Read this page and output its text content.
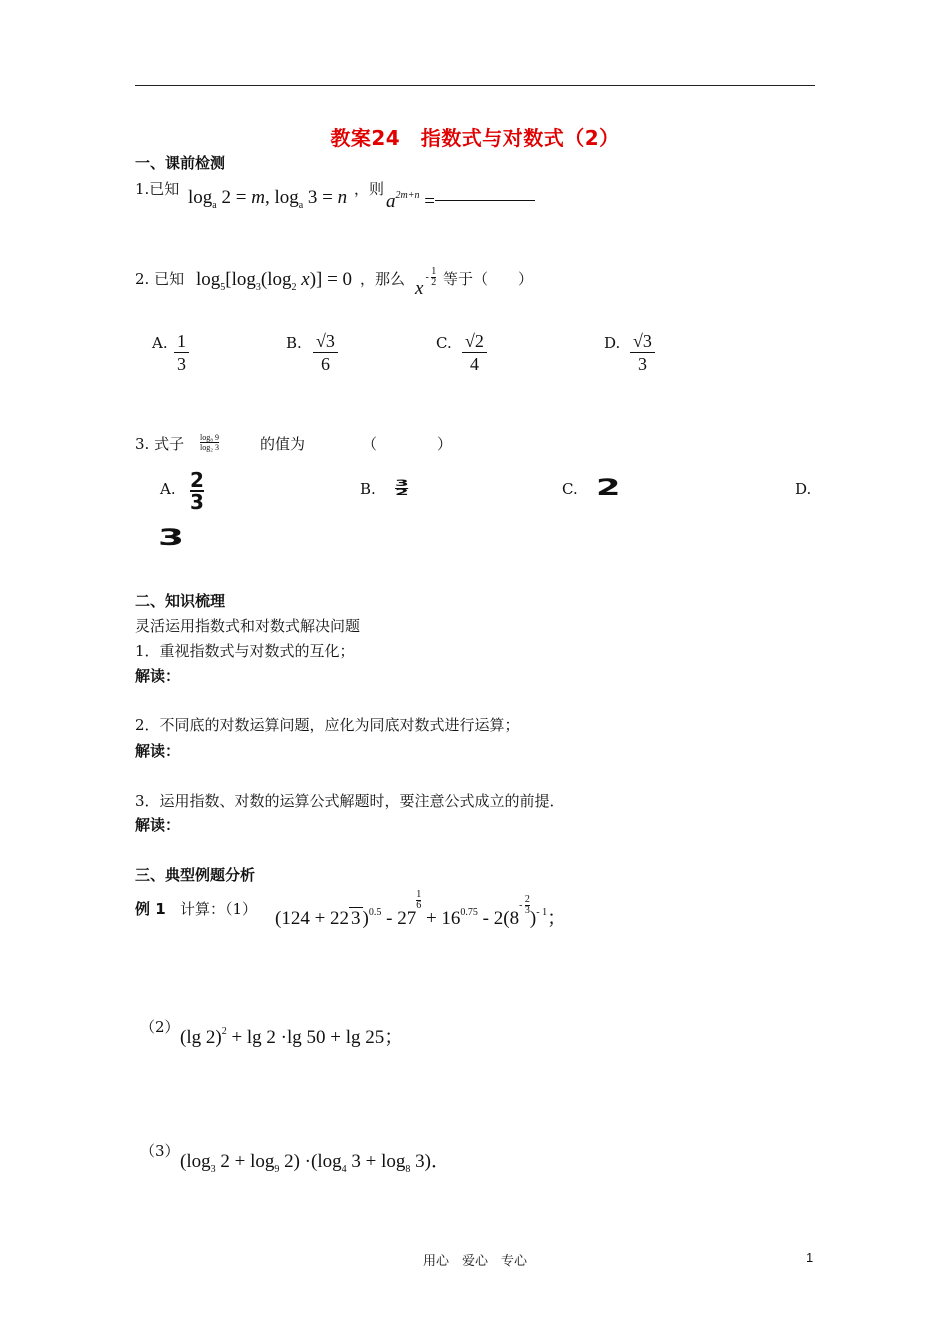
教案24　指数式与对数式（2）
一、课前检测
1.已知 $\log_a 2 = m$, $\log_a 3 = n$ ，则
$a^{2m+n}$ =
2. 已知 $\log_5[\log_3(\log_2$ x)] = 0 ，那么 $x^{- \frac{1}{2}}$ 等于（　　）
A. $\frac{1}{3}$	B. $\frac{√3}{6}$	C. $\frac{√2}{4}$	D. $\frac{√3}{3}$
3. 式子 log₈ 9
log₂ 3	的值为	（　　　　）
A. 2
3
B. 3
2	C. 2	D.
3
二、知识梳理
灵活运用指数式和对数式解决问题
1．重视指数式与对数式的互化；
解读：
2．不同底的对数运算问题，应化为同底对数式进行运算；
解读：
3．运用指数、对数的运算公式解题时，要注意公式成立的前提．
解读：
三、典型例题分析
例 1 计算：（1） (124 + 22 3 )$^{0.5}$ - 27
$\frac{1}{6}$
+ $16^{0.75} - 2(8^{- \frac{2}{3}}$
)$^{- 1}$；
（2） (lg 2)$^2$ + lg 2 ·lg 50 + lg 25；
（3） ($\log_3$ $2 + \log_9 2) \cdot(\log_4$ $3 + \log_8 3$)．
用心　爱心　专心	1
